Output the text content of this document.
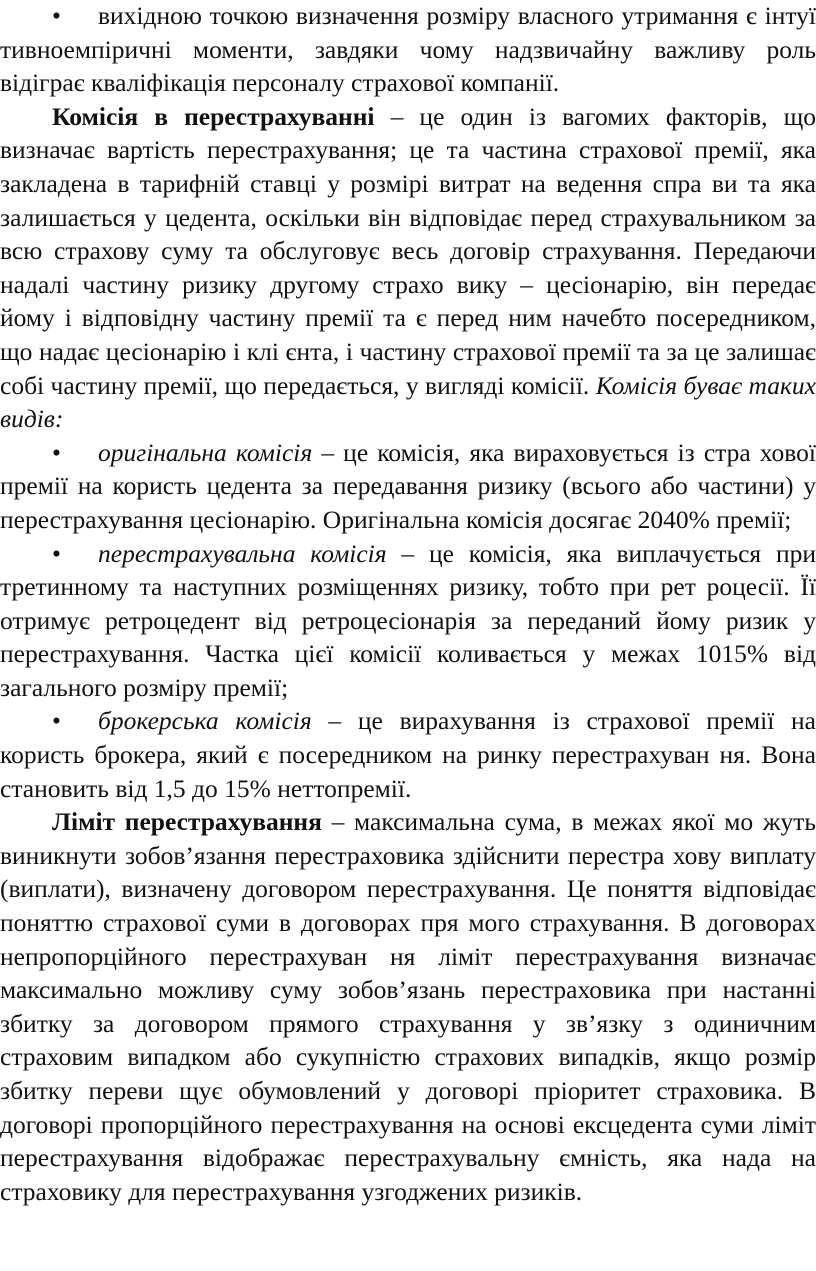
• вихідною точкою визначення розміру власного утримання є інтуї тивноемпіричні моменти, завдяки чому надзвичайну важливу роль відіграє кваліфікація персоналу страхової компанії.

Комісія в перестрахуванні – це один із вагомих факторів, що визначає вартість перестрахування; це та частина страхової премії, яка закладена в тарифній ставці у розмірі витрат на ведення спра ви та яка залишається у цедента, оскільки він відповідає перед страхувальником за всю страхову суму та обслуговує весь договір страхування. Передаючи надалі частину ризику другому страхо вику – цесіонарію, він передає йому і відповідну частину премії та є перед ним начебто посередником, що надає цесіонарію і клі єнта, і частину страхової премії та за це залишає собі частину премії, що передається, у вигляді комісії. Комісія буває таких видів:

• оригінальна комісія – це комісія, яка вираховується із стра хової премії на користь цедента за передавання ризику (всього або частини) у перестрахування цесіонарію. Оригінальна комісія досягає 2040% премії;

• перестрахувальна комісія – це комісія, яка виплачується при третинному та наступних розміщеннях ризику, тобто при рет роцесії. Її отримує ретроцедент від ретроцесіонарія за переданий йому ризик у перестрахування. Частка цієї комісії коливається у межах 1015% від загального розміру премії;

• брокерська комісія – це вирахування із страхової премії на користь брокера, який є посередником на ринку перестрахуван ня. Вона становить від 1,5 до 15% неттопремії.

Ліміт перестрахування – максимальна сума, в межах якої мо жуть виникнути зобов’язання перестраховика здійснити перестра хову виплату (виплати), визначену договором перестрахування. Це поняття відповідає поняттю страхової суми в договорах пря мого страхування. В договорах непропорційного перестрахуван ня ліміт перестрахування визначає максимально можливу суму зобов’язань перестраховика при настанні збитку за договором прямого страхування у зв’язку з одиничним страховим випадком або сукупністю страхових випадків, якщо розмір збитку переви щує обумовлений у договорі пріоритет страховика. В договорі пропорційного перестрахування на основі ексцедента суми ліміт перестрахування відображає перестрахувальну ємність, яка нада на страховику для перестрахування узгоджених ризиків.
